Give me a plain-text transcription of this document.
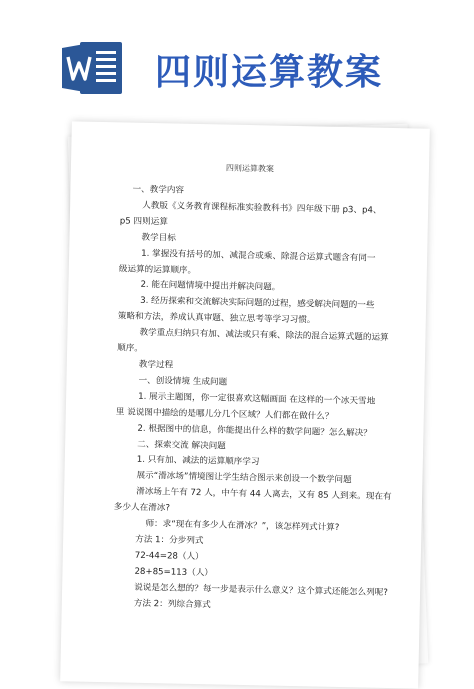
四则运算教案
四则运算教案
一、教学内容
人教版《义务教育课程标准实验教科书》四年级下册 p3、p4、
p5 四则运算
教学目标
1. 掌握没有括号的加、减混合或乘、除混合运算式题含有同一
级运算的运算顺序。
2. 能在问题情境中提出并解决问题。
3. 经历探索和交流解决实际问题的过程，感受解决问题的一些
策略和方法，养成认真审题、独立思考等学习习惯。
教学重点归纳只有加、减法或只有乘、除法的混合运算式题的运算
顺序。
教学过程
一、创设情境 生成问题
1. 展示主题图，你一定很喜欢这幅画面 在这样的一个冰天雪地
里 说说图中描绘的是哪儿分几个区域？人们都在做什么？
2. 根据图中的信息，你能提出什么样的数学问题？怎么解决？
二、探索交流 解决问题
1. 只有加、减法的运算顺序学习
展示“滑冰场”情境图让学生结合图示来创设一个数学问题
滑冰场上午有 72 人，中午有 44 人离去，又有 85 人到来。现在有
多少人在滑冰?
师：求“现在有多少人在滑冰？”，该怎样列式计算?
方法 1：分步列式
72-44=28（人）
28+85=113（人）
说说是怎么想的？每一步是表示什么意义？这个算式还能怎么列呢?
方法 2：列综合算式
